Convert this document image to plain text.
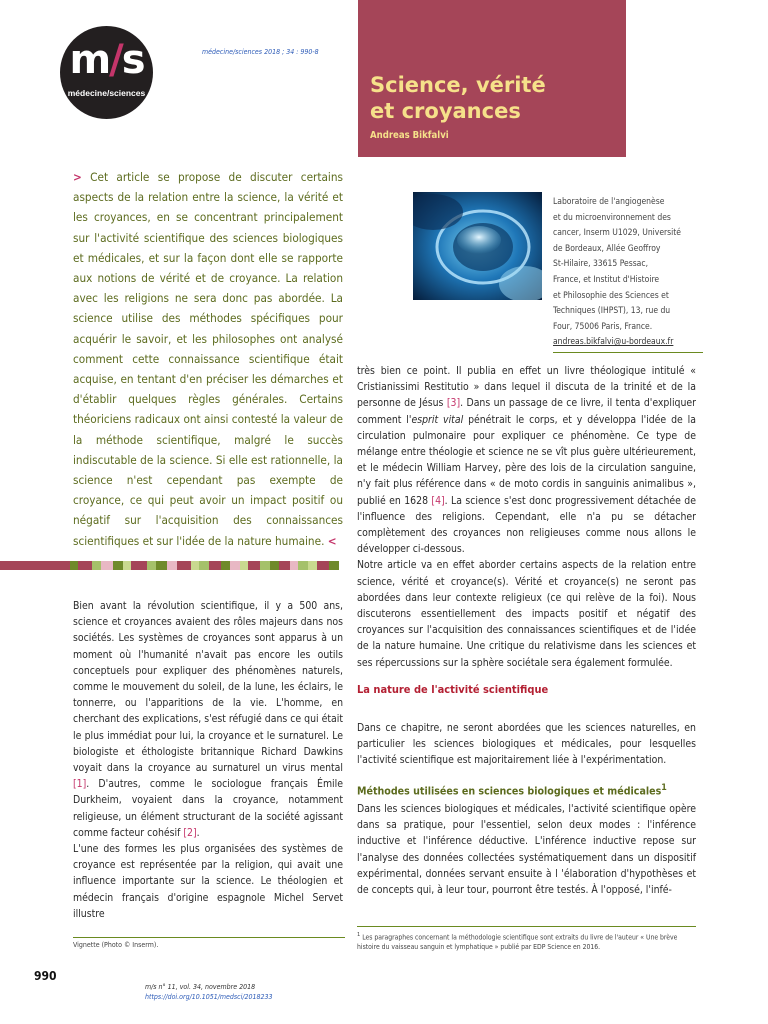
m/s
médecine/sciences
médecine/sciences 2018 ; 34 : 990-8
Science, vérité
et croyances
Andreas Bikfalvi

> Cet article se propose de discuter certains aspects de la relation entre la science, la vérité et les croyances, en se concentrant principalement sur l'activité scientifique des sciences biologiques et médicales, et sur la façon dont elle se rapporte aux notions de vérité et de croyance. La relation avec les religions ne sera donc pas abordée. La science utilise des méthodes spécifiques pour acquérir le savoir, et les philosophes ont analysé comment cette connaissance scientifique était acquise, en tentant d'en préciser les démarches et d'établir quelques règles générales. Certains théoriciens radicaux ont ainsi contesté la valeur de la méthode scientifique, malgré le succès indiscutable de la science. Si elle est rationnelle, la science n'est cependant pas exempte de croyance, ce qui peut avoir un impact positif ou négatif sur l'acquisition des connaissances scientifiques et sur l'idée de la nature humaine. <

Laboratoire de l'angiogenèse
et du microenvironnement des
cancer, Inserm U1029, Université
de Bordeaux, Allée Geoffroy
St-Hilaire, 33615 Pessac,
France, et Institut d'Histoire
et Philosophie des Sciences et
Techniques (IHPST), 13, rue du
Four, 75006 Paris, France.
andreas.bikfalvi@u-bordeaux.fr

Bien avant la révolution scientifique, il y a 500 ans, science et croyances avaient des rôles majeurs dans nos sociétés. Les systèmes de croyances sont apparus à un moment où l'humanité n'avait pas encore les outils conceptuels pour expliquer des phénomènes naturels, comme le mouvement du soleil, de la lune, les éclairs, le tonnerre, ou l'apparitions de la vie. L'homme, en cherchant des explications, s'est réfugié dans ce qui était le plus immédiat pour lui, la croyance et le surnaturel. Le biologiste et éthologiste britannique Richard Dawkins voyait dans la croyance au surnaturel un virus mental [1]. D'autres, comme le sociologue français Émile Durkheim, voyaient dans la croyance, notamment religieuse, un élément structurant de la société agissant comme facteur cohésif [2].

L'une des formes les plus organisées des systèmes de croyance est représentée par la religion, qui avait une influence importante sur la science. Le théologien et médecin français d'origine espagnole Michel Servet illustre

très bien ce point. Il publia en effet un livre théologique intitulé « Cristianissimi Restitutio » dans lequel il discuta de la trinité et de la personne de Jésus [3]. Dans un passage de ce livre, il tenta d'expliquer comment l'esprit vital pénétrait le corps, et y développa l'idée de la circulation pulmonaire pour expliquer ce phénomène. Ce type de mélange entre théologie et science ne se vît plus guère ultérieurement, et le médecin William Harvey, père des lois de la circulation sanguine, n'y fait plus référence dans « de moto cordis in sanguinis animalibus », publié en 1628 [4]. La science s'est donc progressivement détachée de l'influence des religions. Cependant, elle n'a pu se détacher complètement des croyances non religieuses comme nous allons le développer ci-dessous.

Notre article va en effet aborder certains aspects de la relation entre science, vérité et croyance(s). Vérité et croyance(s) ne seront pas abordées dans leur contexte religieux (ce qui relève de la foi). Nous discuterons essentiellement des impacts positif et négatif des croyances sur l'acquisition des connaissances scientifiques et de l'idée de la nature humaine. Une critique du relativisme dans les sciences et ses répercussions sur la sphère sociétale sera également formulée.

La nature de l'activité scientifique

Dans ce chapitre, ne seront abordées que les sciences naturelles, en particulier les sciences biologiques et médicales, pour lesquelles l'activité scientifique est majoritairement liée à l'expérimentation.

Méthodes utilisées en sciences biologiques et médicales$^1$

Dans les sciences biologiques et médicales, l'activité scientifique opère dans sa pratique, pour l'essentiel, selon deux modes : l'inférence inductive et l'inférence déductive. L'inférence inductive repose sur l'analyse des données collectées systématiquement dans un dispositif expérimental, données servant ensuite à l 'élaboration d'hypothèses et de concepts qui, à leur tour, pourront être testés. À l'opposé, l'infé-

Vignette (Photo © Inserm).

$^1$ Les paragraphes concernant la méthodologie scientifique sont extraits du livre de l'auteur « Une brève histoire du vaisseau sanguin et lymphatique » publié par EDP Science en 2016.

990
m/s n° 11, vol. 34, novembre 2018
https://doi.org/10.1051/medsci/2018233
